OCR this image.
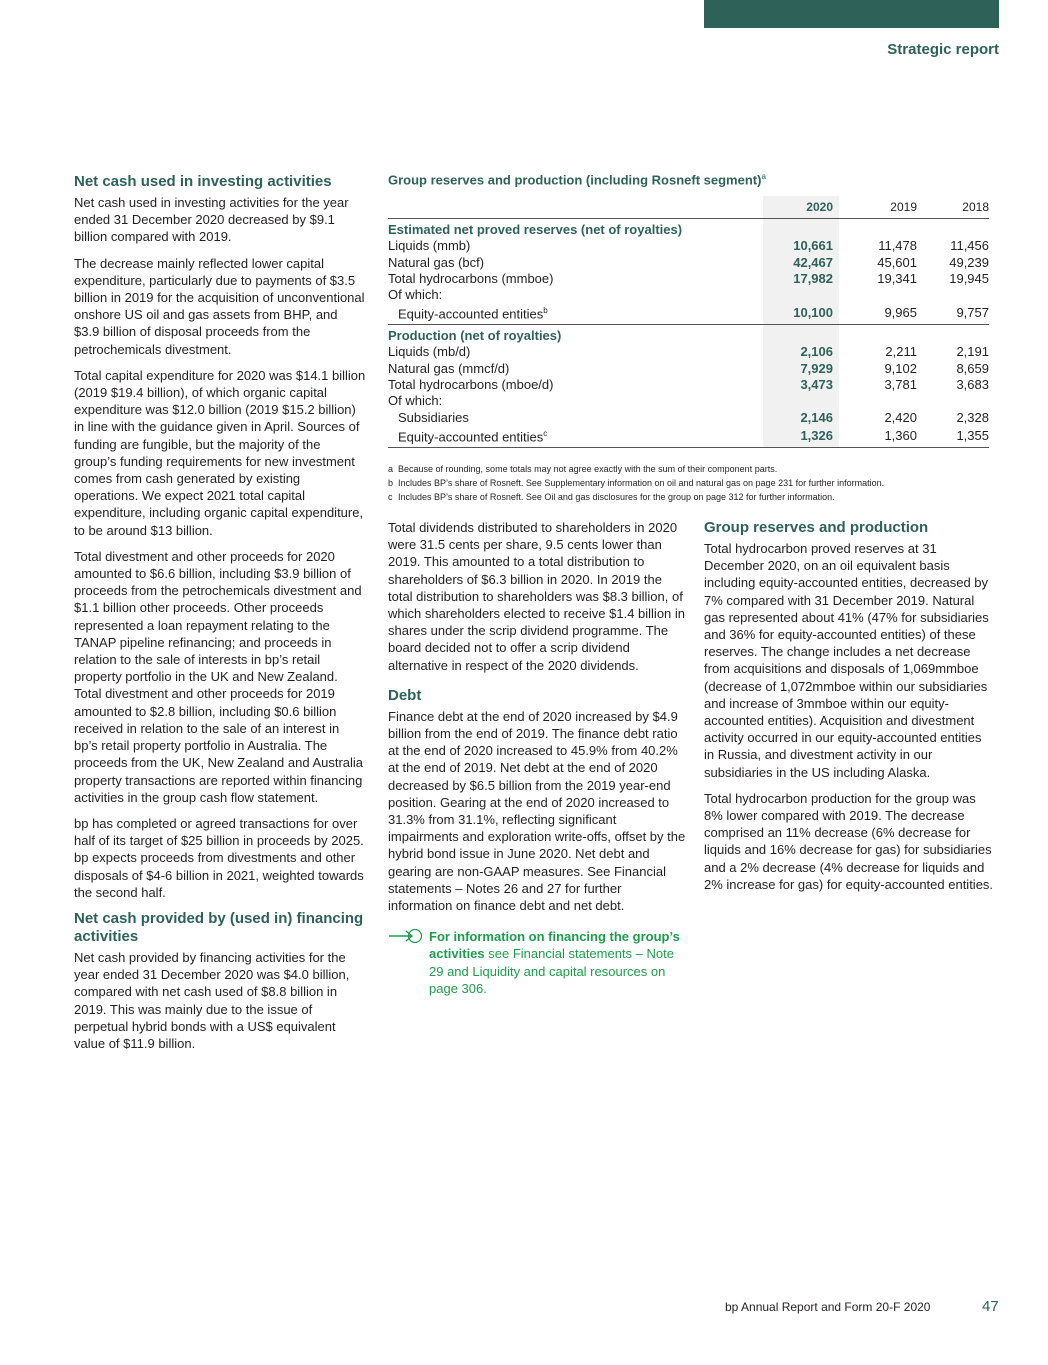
Strategic report
Net cash used in investing activities

Net cash used in investing activities for the year ended 31 December 2020 decreased by $9.1 billion compared with 2019.

The decrease mainly reflected lower capital expenditure, particularly due to payments of $3.5 billion in 2019 for the acquisition of unconventional onshore US oil and gas assets from BHP, and $3.9 billion of disposal proceeds from the petrochemicals divestment.

Total capital expenditure for 2020 was $14.1 billion (2019 $19.4 billion), of which organic capital expenditure was $12.0 billion (2019 $15.2 billion) in line with the guidance given in April. Sources of funding are fungible, but the majority of the group’s funding requirements for new investment comes from cash generated by existing operations. We expect 2021 total capital expenditure, including organic capital expenditure, to be around $13 billion.

Total divestment and other proceeds for 2020 amounted to $6.6 billion, including $3.9 billion of proceeds from the petrochemicals divestment and $1.1 billion other proceeds. Other proceeds represented a loan repayment relating to the TANAP pipeline refinancing; and proceeds in relation to the sale of interests in bp’s retail property portfolio in the UK and New Zealand. Total divestment and other proceeds for 2019 amounted to $2.8 billion, including $0.6 billion received in relation to the sale of an interest in bp’s retail property portfolio in Australia. The proceeds from the UK, New Zealand and Australia property transactions are reported within financing activities in the group cash flow statement.

bp has completed or agreed transactions for over half of its target of $25 billion in proceeds by 2025. bp expects proceeds from divestments and other disposals of $4-6 billion in 2021, weighted towards the second half.

Net cash provided by (used in) financing activities

Net cash provided by financing activities for the year ended 31 December 2020 was $4.0 billion, compared with net cash used of $8.8 billion in 2019. This was mainly due to the issue of perpetual hybrid bonds with a US$ equivalent value of $11.9 billion.

Group reserves and production (including Rosneft segment)$^a$
	2020	2019	2018
Estimated net proved reserves (net of royalties)			
Liquids (mmb)	10,661	11,478	11,456
Natural gas (bcf)	42,467	45,601	49,239
Total hydrocarbons (mmboe)	17,982	19,341	19,945
Of which:			
Equity-accounted entities$^b$	10,100	9,965	9,757
Production (net of royalties)			
Liquids (mb/d)	2,106	2,211	2,191
Natural gas (mmcf/d)	7,929	9,102	8,659
Total hydrocarbons (mboe/d)	3,473	3,781	3,683
Of which:			
Subsidiaries	2,146	2,420	2,328
Equity-accounted entities$^c$	1,326	1,360	1,355
a Because of rounding, some totals may not agree exactly with the sum of their component parts.
b Includes BP’s share of Rosneft. See Supplementary information on oil and natural gas on page 231 for further information.
c Includes BP’s share of Rosneft. See Oil and gas disclosures for the group on page 312 for further information.

Total dividends distributed to shareholders in 2020 were 31.5 cents per share, 9.5 cents lower than 2019. This amounted to a total distribution to shareholders of $6.3 billion in 2020. In 2019 the total distribution to shareholders was $8.3 billion, of which shareholders elected to receive $1.4 billion in shares under the scrip dividend programme. The board decided not to offer a scrip dividend alternative in respect of the 2020 dividends.

Debt

Finance debt at the end of 2020 increased by $4.9 billion from the end of 2019. The finance debt ratio at the end of 2020 increased to 45.9% from 40.2% at the end of 2019. Net debt at the end of 2020 decreased by $6.5 billion from the 2019 year-end position. Gearing at the end of 2020 increased to 31.3% from 31.1%, reflecting significant impairments and exploration write-offs, offset by the hybrid bond issue in June 2020. Net debt and gearing are non-GAAP measures. See Financial statements – Notes 26 and 27 for further information on finance debt and net debt.

For information on financing the group’s activities see Financial statements – Note 29 and Liquidity and capital resources on page 306.
Group reserves and production

Total hydrocarbon proved reserves at 31 December 2020, on an oil equivalent basis including equity-accounted entities, decreased by 7% compared with 31 December 2019. Natural gas represented about 41% (47% for subsidiaries and 36% for equity-accounted entities) of these reserves. The change includes a net decrease from acquisitions and disposals of 1,069mmboe (decrease of 1,072mmboe within our subsidiaries and increase of 3mmboe within our equity-accounted entities). Acquisition and divestment activity occurred in our equity-accounted entities in Russia, and divestment activity in our subsidiaries in the US including Alaska.

Total hydrocarbon production for the group was 8% lower compared with 2019. The decrease comprised an 11% decrease (6% decrease for liquids and 16% decrease for gas) for subsidiaries and a 2% decrease (4% decrease for liquids and 2% increase for gas) for equity-accounted entities.

bp Annual Report and Form 20-F 2020	47
